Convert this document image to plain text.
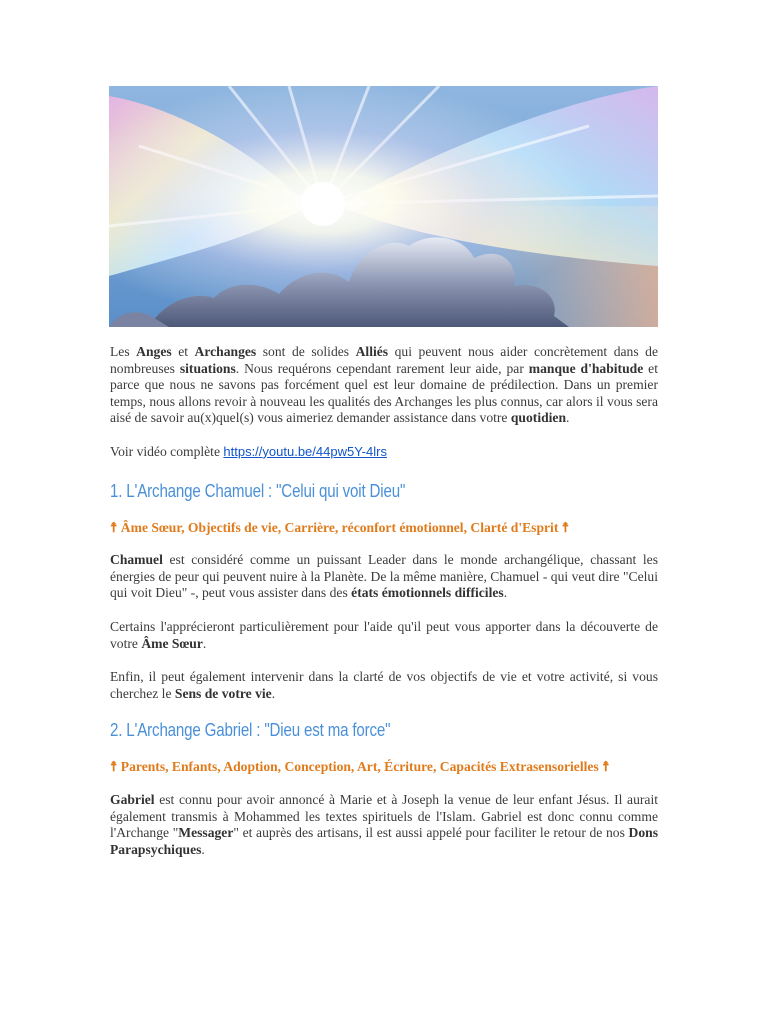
Les Anges et Archanges sont de solides Alliés qui peuvent nous aider concrètement dans de nombreuses situations. Nous requérons cependant rarement leur aide, par manque d'habitude et parce que nous ne savons pas forcément quel est leur domaine de prédilection. Dans un premier temps, nous allons revoir à nouveau les qualités des Archanges les plus connus, car alors il vous sera aisé de savoir au(x)quel(s) vous aimeriez demander assistance dans votre quotidien.

Voir vidéo complète https://youtu.be/44pw5Y-4lrs

1. L'Archange Chamuel : "Celui qui voit Dieu"

☨ Âme Sœur, Objectifs de vie, Carrière, réconfort émotionnel, Clarté d'Esprit ☨

Chamuel est considéré comme un puissant Leader dans le monde archangélique, chassant les énergies de peur qui peuvent nuire à la Planète. De la même manière, Chamuel - qui veut dire "Celui qui voit Dieu" -, peut vous assister dans des états émotionnels difficiles.

Certains l'apprécieront particulièrement pour l'aide qu'il peut vous apporter dans la découverte de votre Âme Sœur.

Enfin, il peut également intervenir dans la clarté de vos objectifs de vie et votre activité, si vous cherchez le Sens de votre vie.

2. L'Archange Gabriel : "Dieu est ma force"

☨ Parents, Enfants, Adoption, Conception, Art, Écriture, Capacités Extrasensorielles ☨

Gabriel est connu pour avoir annoncé à Marie et à Joseph la venue de leur enfant Jésus. Il aurait également transmis à Mohammed les textes spirituels de l'Islam. Gabriel est donc connu comme l'Archange "Messager" et auprès des artisans, il est aussi appelé pour faciliter le retour de nos Dons Parapsychiques.
